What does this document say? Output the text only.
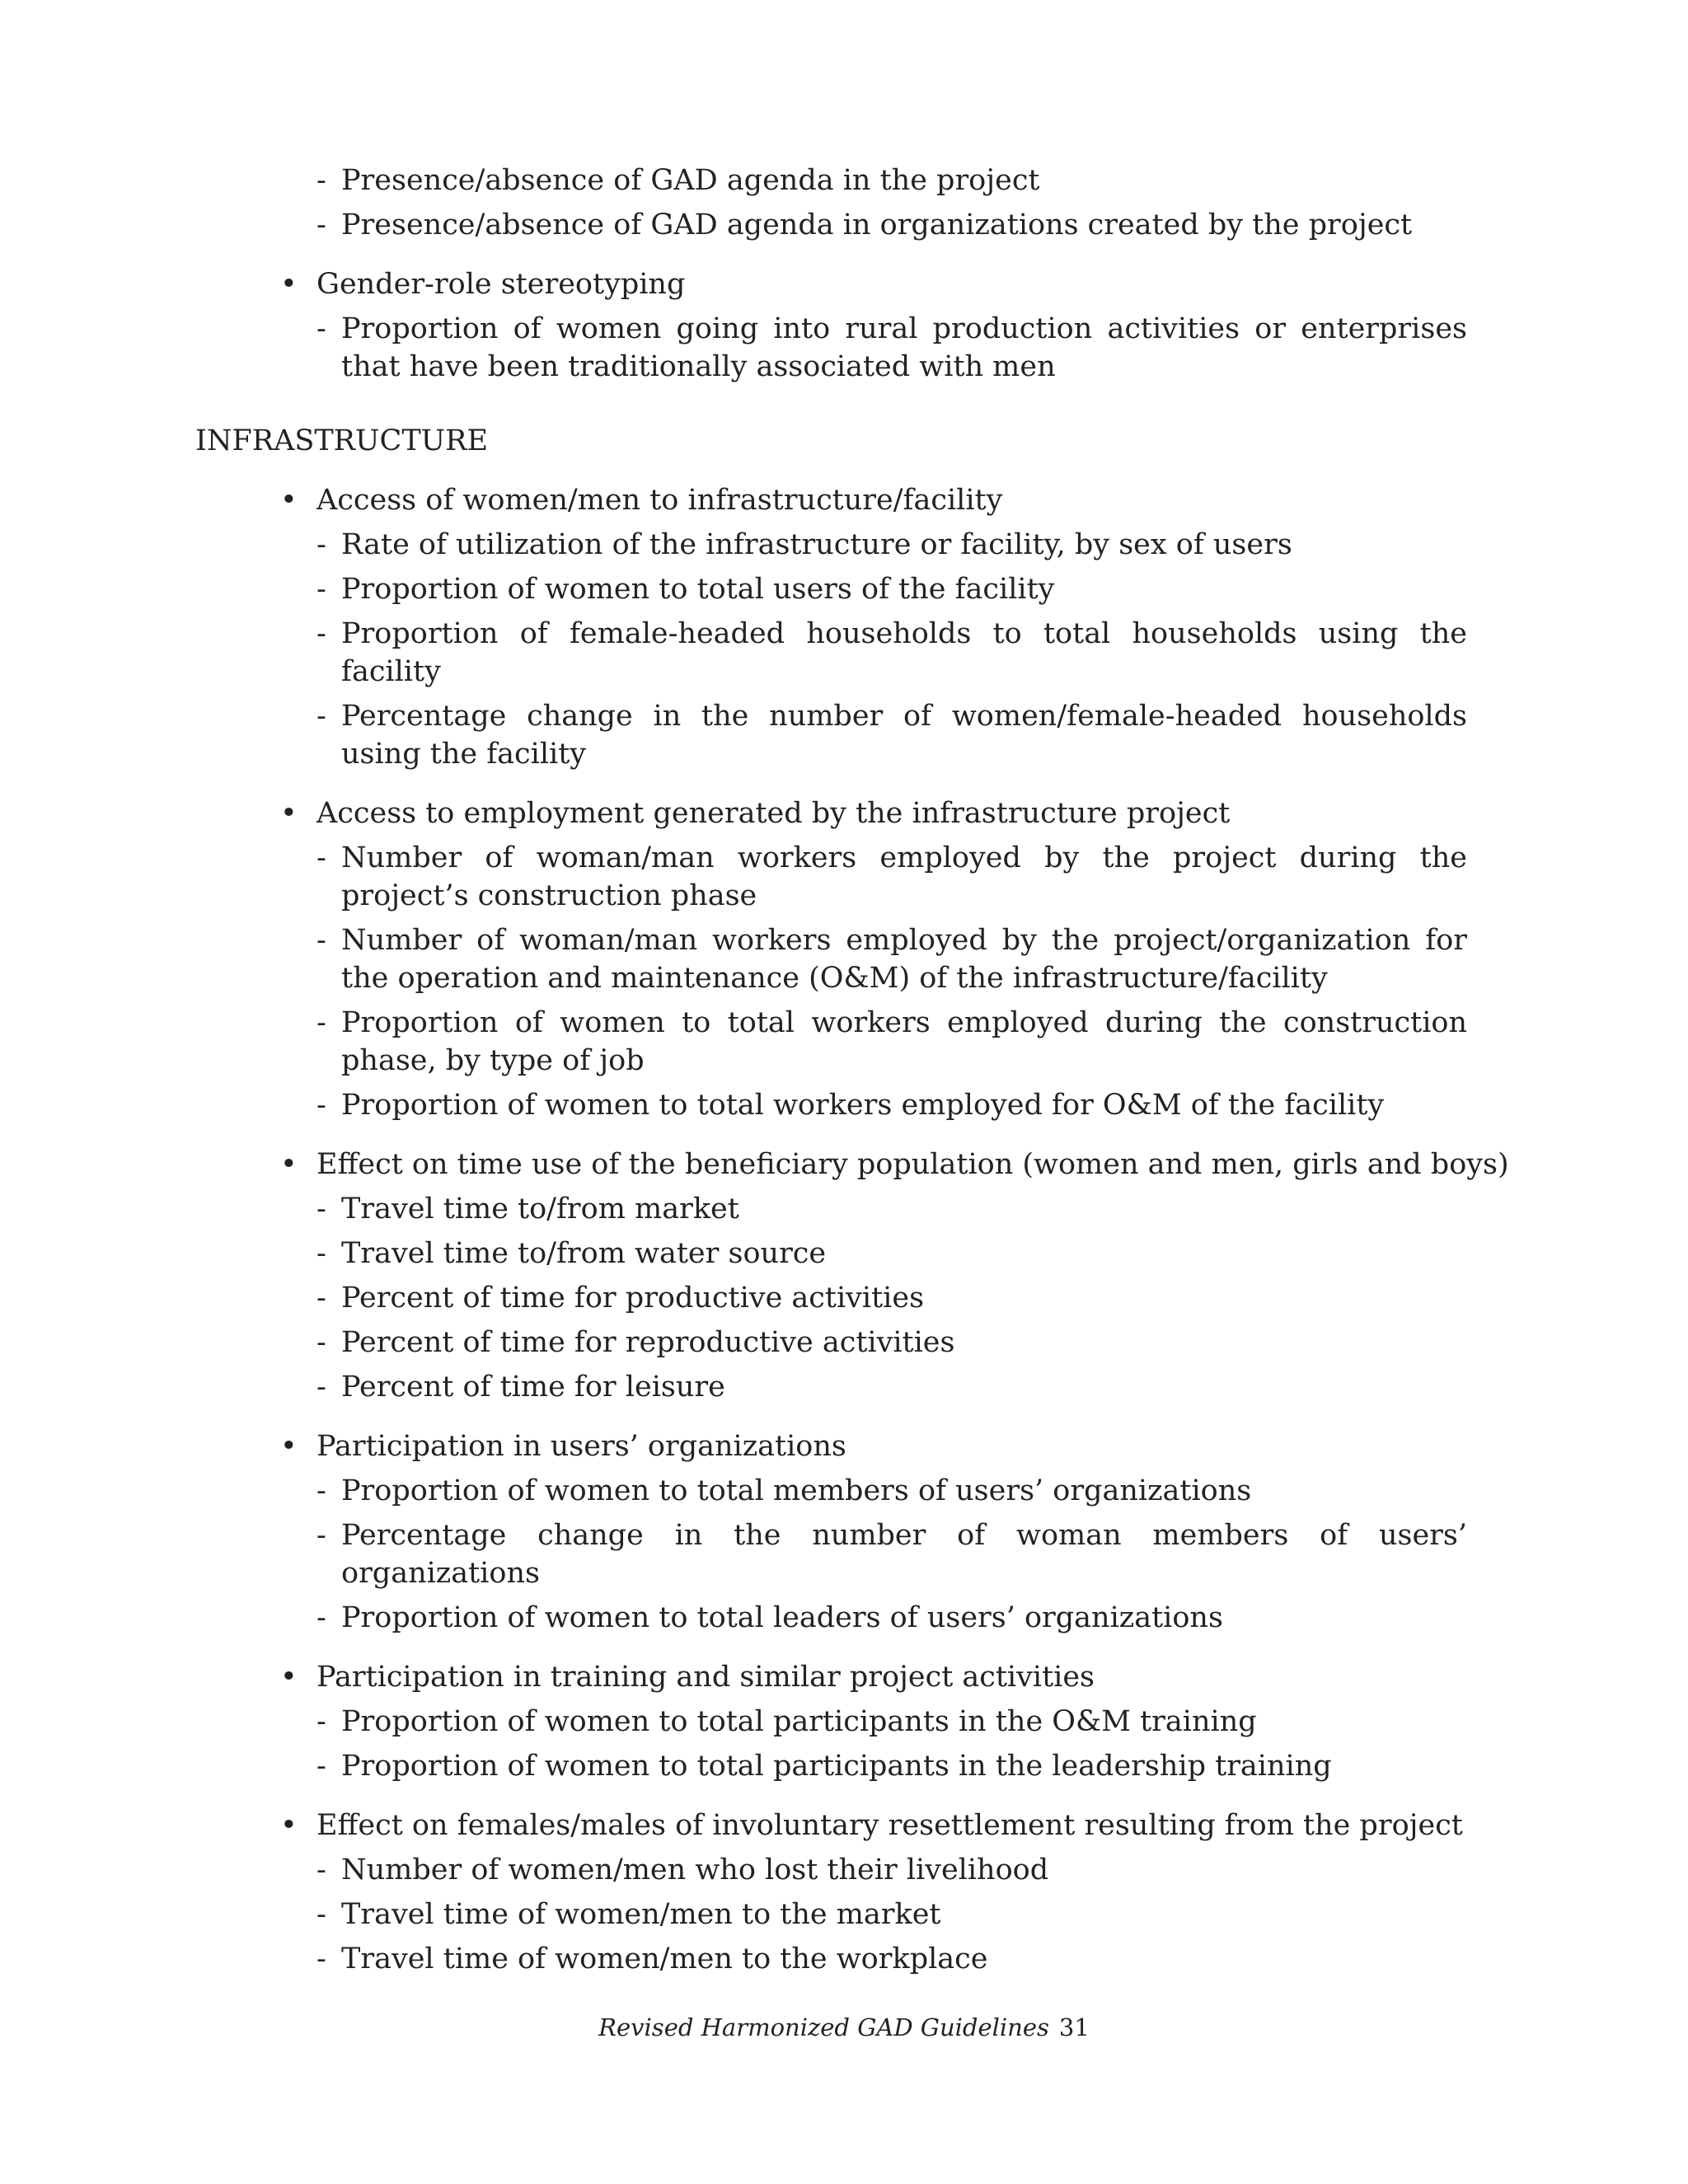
- Presence/absence of GAD agenda in the project
- Presence/absence of GAD agenda in organizations created by the project
• Gender-role stereotyping
- Proportion of women going into rural production activities or enterprises that have been traditionally associated with men
INFRASTRUCTURE
• Access of women/men to infrastructure/facility
- Rate of utilization of the infrastructure or facility, by sex of users
- Proportion of women to total users of the facility
- Proportion of female-headed households to total households using the facility
- Percentage change in the number of women/female-headed households using the facility
• Access to employment generated by the infrastructure project
- Number of woman/man workers employed by the project during the project’s construction phase
- Number of woman/man workers employed by the project/organization for the operation and maintenance (O&M) of the infrastructure/facility
- Proportion of women to total workers employed during the construction phase, by type of job
- Proportion of women to total workers employed for O&M of the facility
• Effect on time use of the beneficiary population (women and men, girls and boys)
- Travel time to/from market
- Travel time to/from water source
- Percent of time for productive activities
- Percent of time for reproductive activities
- Percent of time for leisure
• Participation in users’ organizations
- Proportion of women to total members of users’ organizations
- Percentage change in the number of woman members of users’ organizations
- Proportion of women to total leaders of users’ organizations
• Participation in training and similar project activities
- Proportion of women to total participants in the O&M training
- Proportion of women to total participants in the leadership training
• Effect on females/males of involuntary resettlement resulting from the project
- Number of women/men who lost their livelihood
- Travel time of women/men to the market
- Travel time of women/men to the workplace
Revised Harmonized GAD Guidelines 31
